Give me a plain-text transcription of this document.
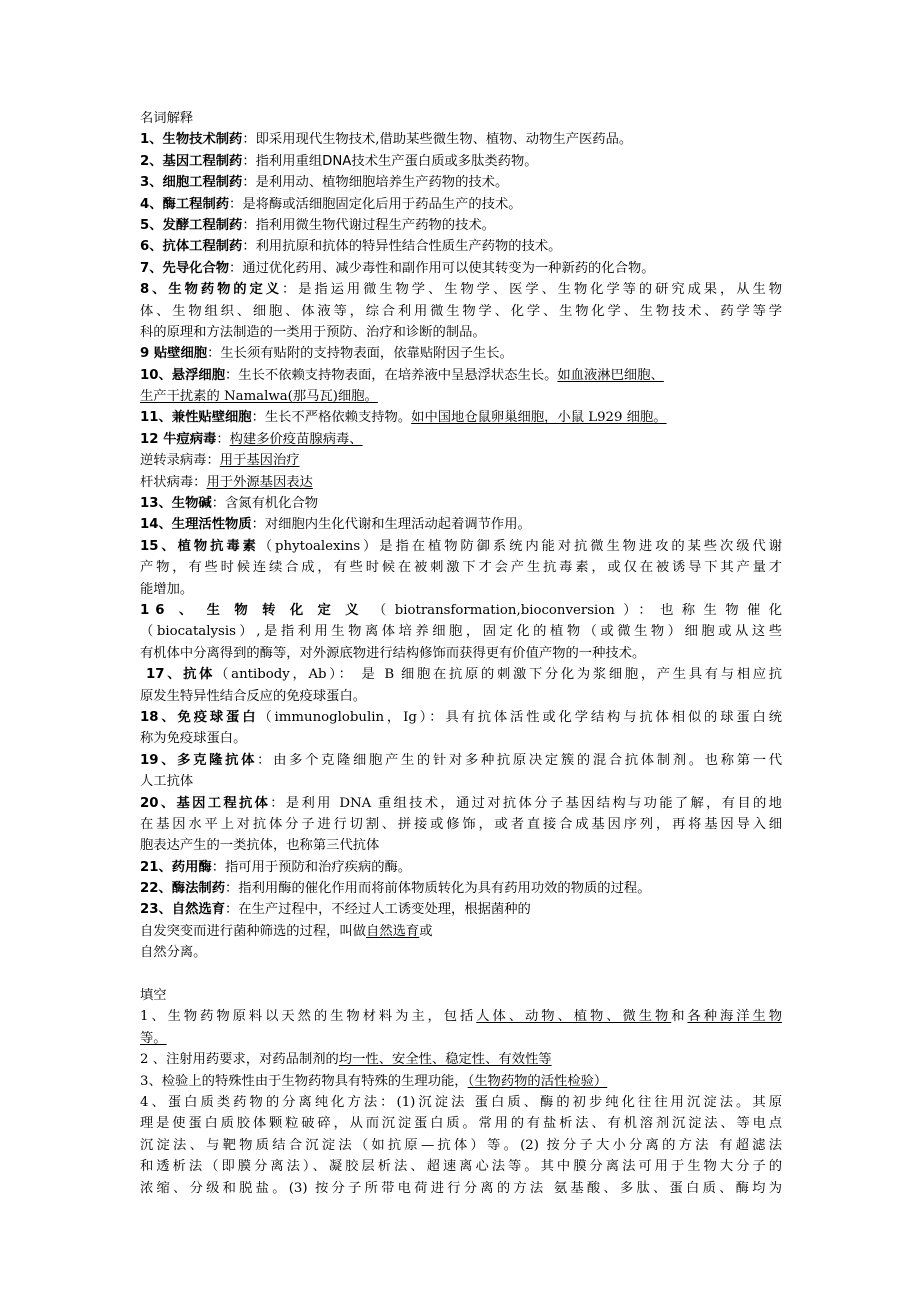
名词解释
1、生物技术制药：即采用现代生物技术,借助某些微生物、植物、动物生产医药品。
2、基因工程制药：指利用重组DNA技术生产蛋白质或多肽类药物。
3、细胞工程制药：是利用动、植物细胞培养生产药物的技术。
4、酶工程制药：是将酶或活细胞固定化后用于药品生产的技术。
5、发酵工程制药：指利用微生物代谢过程生产药物的技术。
6、抗体工程制药：利用抗原和抗体的特异性结合性质生产药物的技术。
7、先导化合物：通过优化药用、减少毒性和副作用可以使其转变为一种新药的化合物。
8、生物药物的定义：是指运用微生物学、生物学、医学、生物化学等的研究成果，从生物
体、生物组织、细胞、体液等，综合利用微生物学、化学、生物化学、生物技术、药学等学
科的原理和方法制造的一类用于预防、治疗和诊断的制品。
9 贴壁细胞：生长须有贴附的支持物表面，依靠贴附因子生长。
10、悬浮细胞：生长不依赖支持物表面，在培养液中呈悬浮状态生长。如血液淋巴细胞、
生产干扰素的 Namalwa(那马瓦)细胞。
11、兼性贴壁细胞：生长不严格依赖支持物。如中国地仓鼠卵巢细胞，小鼠 L929 细胞。
12 牛痘病毒：构建多价疫苗腺病毒、
逆转录病毒：用于基因治疗
杆状病毒：用于外源基因表达
13、生物碱：含氮有机化合物
14、生理活性物质：对细胞内生化代谢和生理活动起着调节作用。
15、植物抗毒素（phytoalexins）是指在植物防御系统内能对抗微生物进攻的某些次级代谢
产物，有些时候连续合成，有些时候在被刺激下才会产生抗毒素，或仅在被诱导下其产量才
能增加。
16、生物转化定义（biotransformation,bioconversion）：也称生物催化
（biocatalysis）,是指利用生物离体培养细胞，固定化的植物（或微生物）细胞或从这些
有机体中分离得到的酶等，对外源底物进行结构修饰而获得更有价值产物的一种技术。
17、抗体（antibody，Ab）： 是 B 细胞在抗原的刺激下分化为浆细胞，产生具有与相应抗
原发生特异性结合反应的免疫球蛋白。
18、免疫球蛋白（immunoglobulin，Ig）：具有抗体活性或化学结构与抗体相似的球蛋白统
称为免疫球蛋白。
19、多克隆抗体：由多个克隆细胞产生的针对多种抗原决定簇的混合抗体制剂。也称第一代
人工抗体
20、基因工程抗体：是利用 DNA 重组技术，通过对抗体分子基因结构与功能了解，有目的地
在基因水平上对抗体分子进行切割、拼接或修饰，或者直接合成基因序列，再将基因导入细
胞表达产生的一类抗体，也称第三代抗体
21、药用酶：指可用于预防和治疗疾病的酶。
22、酶法制药：指利用酶的催化作用而将前体物质转化为具有药用功效的物质的过程。
23、自然选育：在生产过程中，不经过人工诱变处理，根据菌种的
自发突变而进行菌种筛选的过程，叫做自然选育或
自然分离。
填空
1、生物药物原料以天然的生物材料为主，包括人体、动物、植物、微生物和各种海洋生物
等。
2 、注射用药要求，对药品制剂的均一性、安全性、稳定性、有效性等
3、检验上的特殊性由于生物药物具有特殊的生理功能，（生物药物的活性检验）
4、蛋白质类药物的分离纯化方法：(1)沉淀法 蛋白质、酶的初步纯化往往用沉淀法。其原
理是使蛋白质胶体颗粒破碎，从而沉淀蛋白质。常用的有盐析法、有机溶剂沉淀法、等电点
沉淀法、与靶物质结合沉淀法（如抗原—抗体）等。(2) 按分子大小分离的方法 有超滤法
和透析法（即膜分离法）、凝胶层析法、超速离心法等。其中膜分离法可用于生物大分子的
浓缩、分级和脱盐。(3) 按分子所带电荷进行分离的方法 氨基酸、多肽、蛋白质、酶均为
